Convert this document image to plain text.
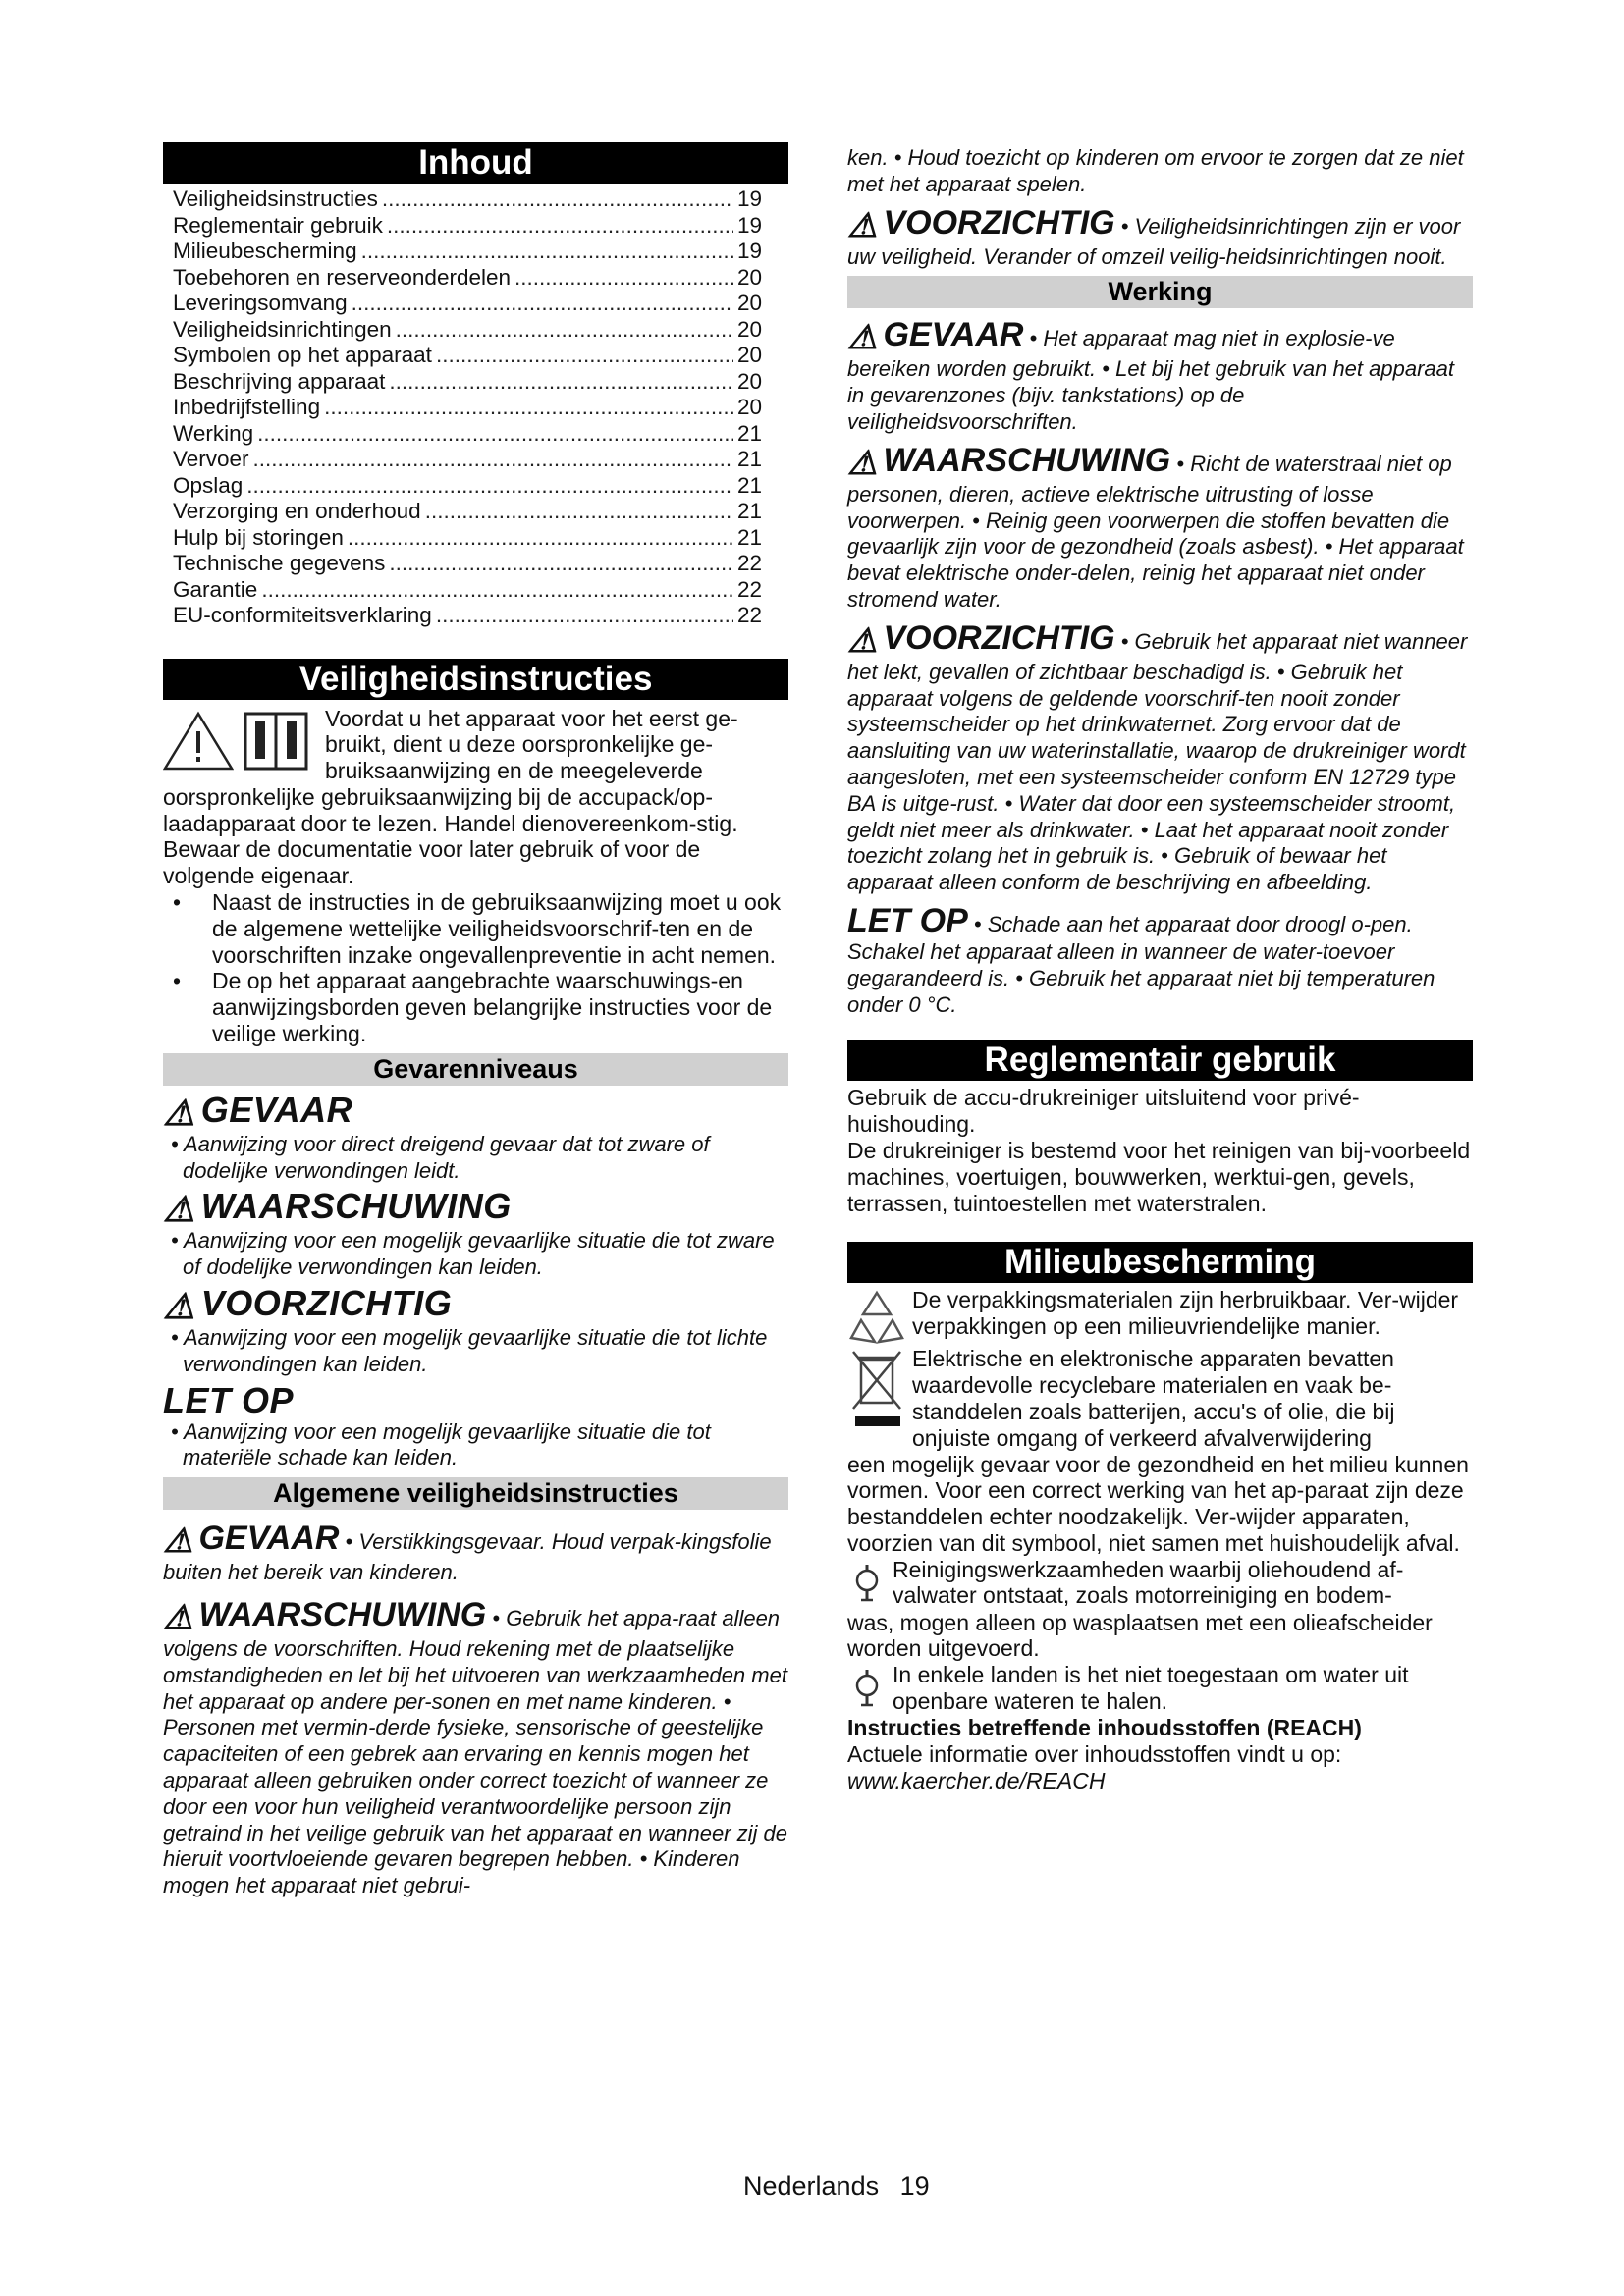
Inhoud
Veiligheidsinstructies .....	19
Reglementair gebruik .....	19
Milieubescherming .....	19
Toebehoren en reserveonderdelen .....	20
Leveringsomvang .....	20
Veiligheidsinrichtingen .....	20
Symbolen op het apparaat .....	20
Beschrijving apparaat .....	20
Inbedrijfstelling .....	20
Werking .....	21
Vervoer .....	21
Opslag .....	21
Verzorging en onderhoud .....	21
Hulp bij storingen .....	21
Technische gegevens .....	22
Garantie .....	22
EU-conformiteitsverklaring .....	22
Veiligheidsinstructies

Voordat u het apparaat voor het eerst ge-

bruikt, dient u deze oorspronkelijke ge-

bruiksaanwijzing en de meegeleverde

oorspronkelijke gebruiksaanwijzing bij de accupack/op-laadapparaat door te lezen. Handel dienovereenkom-stig. Bewaar de documentatie voor later gebruik of voor de volgende eigenaar.

•	Naast de instructies in de gebruiksaanwijzing moet u ook de algemene wettelijke veiligheidsvoorschrif-ten en de voorschriften inzake ongevallenpreventie in acht nemen.
•	De op het apparaat aangebrachte waarschuwings-en aanwijzingsborden geven belangrijke instructies voor de veilige werking.
Gevarenniveaus
⚠ GEVAAR

• Aanwijzing voor direct dreigend gevaar dat tot zware of dodelijke verwondingen leidt.

⚠ WAARSCHUWING

• Aanwijzing voor een mogelijk gevaarlijke situatie die tot zware of dodelijke verwondingen kan leiden.

⚠ VOORZICHTIG

• Aanwijzing voor een mogelijk gevaarlijke situatie die tot lichte verwondingen kan leiden.

LET OP

• Aanwijzing voor een mogelijk gevaarlijke situatie die tot materiële schade kan leiden.

Algemene veiligheidsinstructies

⚠ GEVAAR • Verstikkingsgevaar. Houd verpak-kingsfolie buiten het bereik van kinderen.

⚠ WAARSCHUWING • Gebruik het appa-raat alleen volgens de voorschriften. Houd rekening met de plaatselijke omstandigheden en let bij het uitvoeren van werkzaamheden met het apparaat op andere per-sonen en met name kinderen. • Personen met vermin-derde fysieke, sensorische of geestelijke capaciteiten of een gebrek aan ervaring en kennis mogen het apparaat alleen gebruiken onder correct toezicht of wanneer ze door een voor hun veiligheid verantwoordelijke persoon zijn getraind in het veilige gebruik van het apparaat en wanneer zij de hieruit voortvloeiende gevaren begrepen hebben. • Kinderen mogen het apparaat niet gebrui-

ken. • Houd toezicht op kinderen om ervoor te zorgen dat ze niet met het apparaat spelen.

⚠ VOORZICHTIG • Veiligheidsinrichtingen zijn er voor uw veiligheid. Verander of omzeil veilig-heidsinrichtingen nooit.

Werking

⚠ GEVAAR • Het apparaat mag niet in explosie-ve bereiken worden gebruikt. • Let bij het gebruik van het apparaat in gevarenzones (bijv. tankstations) op de veiligheidsvoorschriften.

⚠ WAARSCHUWING • Richt de waterstraal niet op personen, dieren, actieve elektrische uitrusting of losse voorwerpen. • Reinig geen voorwerpen die stoffen bevatten die gevaarlijk zijn voor de gezondheid (zoals asbest). • Het apparaat bevat elektrische onder-delen, reinig het apparaat niet onder stromend water.

⚠ VOORZICHTIG • Gebruik het apparaat niet wanneer het lekt, gevallen of zichtbaar beschadigd is. • Gebruik het apparaat volgens de geldende voorschrif-ten nooit zonder systeemscheider op het drinkwaternet. Zorg ervoor dat de aansluiting van uw waterinstallatie, waarop de drukreiniger wordt aangesloten, met een systeemscheider conform EN 12729 type BA is uitge-rust. • Water dat door een systeemscheider stroomt, geldt niet meer als drinkwater. • Laat het apparaat nooit zonder toezicht zolang het in gebruik is. • Gebruik of bewaar het apparaat alleen conform de beschrijving en afbeelding.

LET OP • Schade aan het apparaat door droogl o-pen. Schakel het apparaat alleen in wanneer de water-toevoer gegarandeerd is. • Gebruik het apparaat niet bij temperaturen onder 0 °C.

Reglementair gebruik

Gebruik de accu-drukreiniger uitsluitend voor privé-huishouding.

De drukreiniger is bestemd voor het reinigen van bij-voorbeeld machines, voertuigen, bouwwerken, werktui-gen, gevels, terrassen, tuintoestellen met waterstralen.

Milieubescherming

De verpakkingsmaterialen zijn herbruikbaar. Ver-wijder verpakkingen op een milieuvriendelijke manier.

Elektrische en elektronische apparaten bevatten waardevolle recyclebare materialen en vaak be-standdelen zoals batterijen, accu's of olie, die bij onjuiste omgang of verkeerd afvalverwijdering

een mogelijk gevaar voor de gezondheid en het milieu kunnen vormen. Voor een correct werking van het ap-paraat zijn deze bestanddelen echter noodzakelijk. Ver-wijder apparaten, voorzien van dit symbool, niet samen met huishoudelijk afval.

Reinigingswerkzaamheden waarbij oliehoudend af-valwater ontstaat, zoals motorreiniging en bodem-

was, mogen alleen op wasplaatsen met een olieafscheider worden uitgevoerd.

In enkele landen is het niet toegestaan om water uit openbare wateren te halen.

Instructies betreffende inhoudsstoffen (REACH)

Actuele informatie over inhoudsstoffen vindt u op:

www.kaercher.de/REACH

Nederlands 19
